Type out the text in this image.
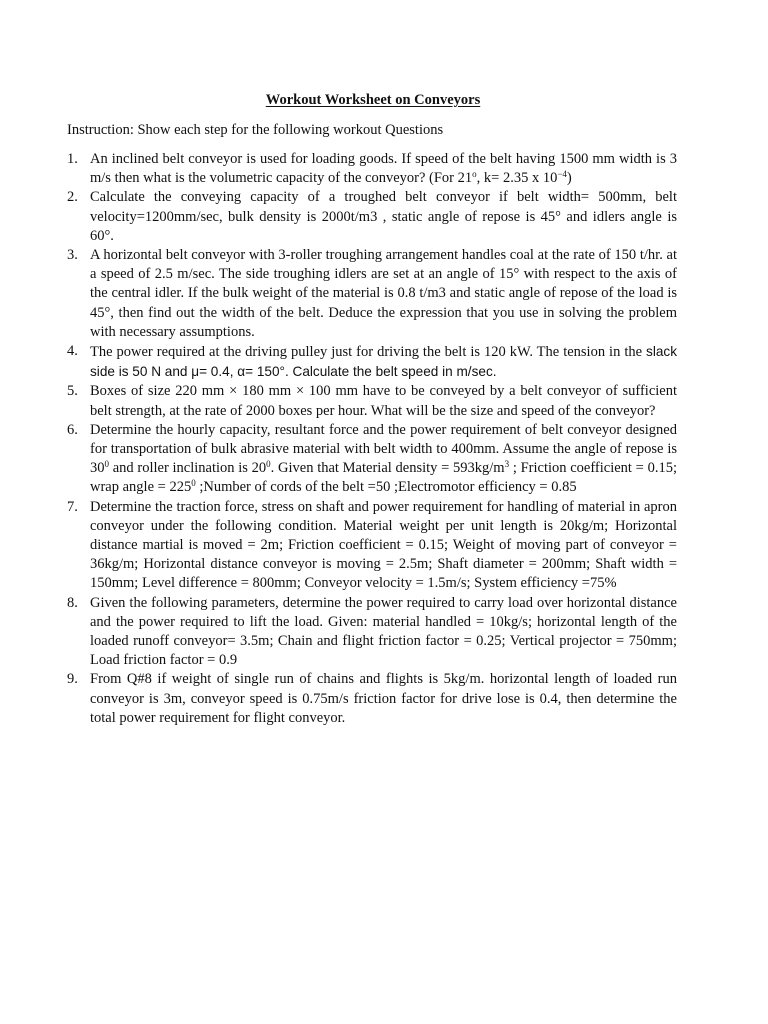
Workout Worksheet on Conveyors
Instruction: Show each step for the following workout Questions
1. An inclined belt conveyor is used for loading goods. If speed of the belt having 1500 mm width is 3 m/s then what is the volumetric capacity of the conveyor? (For 21$^o$, k= 2.35 x $10^{-4}$)
2. Calculate the conveying capacity of a troughed belt conveyor if belt width= 500mm, belt velocity=1200mm/sec, bulk density is 2000t/m3 , static angle of repose is 45° and idlers angle is 60°.
3. A horizontal belt conveyor with 3-roller troughing arrangement handles coal at the rate of 150 t/hr. at a speed of 2.5 m/sec. The side troughing idlers are set at an angle of 15° with respect to the axis of the central idler. If the bulk weight of the material is 0.8 t/m3 and static angle of repose of the load is 45°, then find out the width of the belt. Deduce the expression that you use in solving the problem with necessary assumptions.
4. The power required at the driving pulley just for driving the belt is 120 kW. The tension in the slack side is 50 N and μ= 0.4, α= 150°. Calculate the belt speed in m/sec.
5. Boxes of size 220 mm × 180 mm × 100 mm have to be conveyed by a belt conveyor of sufficient belt strength, at the rate of 2000 boxes per hour. What will be the size and speed of the conveyor?
6. Determine the hourly capacity, resultant force and the power requirement of belt conveyor designed for transportation of bulk abrasive material with belt width to 400mm. Assume the angle of repose is $30^0$ and roller inclination is $20^0$. Given that Material density = $593kg/m^3$ ; Friction coefficient = 0.15; wrap angle = $225^0$ ;Number of cords of the belt =50 ;Electromotor efficiency = 0.85
7. Determine the traction force, stress on shaft and power requirement for handling of material in apron conveyor under the following condition. Material weight per unit length is 20kg/m; Horizontal distance martial is moved = 2m; Friction coefficient = 0.15; Weight of moving part of conveyor = 36kg/m; Horizontal distance conveyor is moving = 2.5m; Shaft diameter = 200mm; Shaft width = 150mm; Level difference = 800mm; Conveyor velocity = 1.5m/s; System efficiency =75%
8. Given the following parameters, determine the power required to carry load over horizontal distance and the power required to lift the load. Given: material handled = 10kg/s; horizontal length of the loaded runoff conveyor= 3.5m; Chain and flight friction factor = 0.25; Vertical projector = 750mm; Load friction factor = 0.9
9. From Q#8 if weight of single run of chains and flights is 5kg/m. horizontal length of loaded run conveyor is 3m, conveyor speed is 0.75m/s friction factor for drive lose is 0.4, then determine the total power requirement for flight conveyor.
